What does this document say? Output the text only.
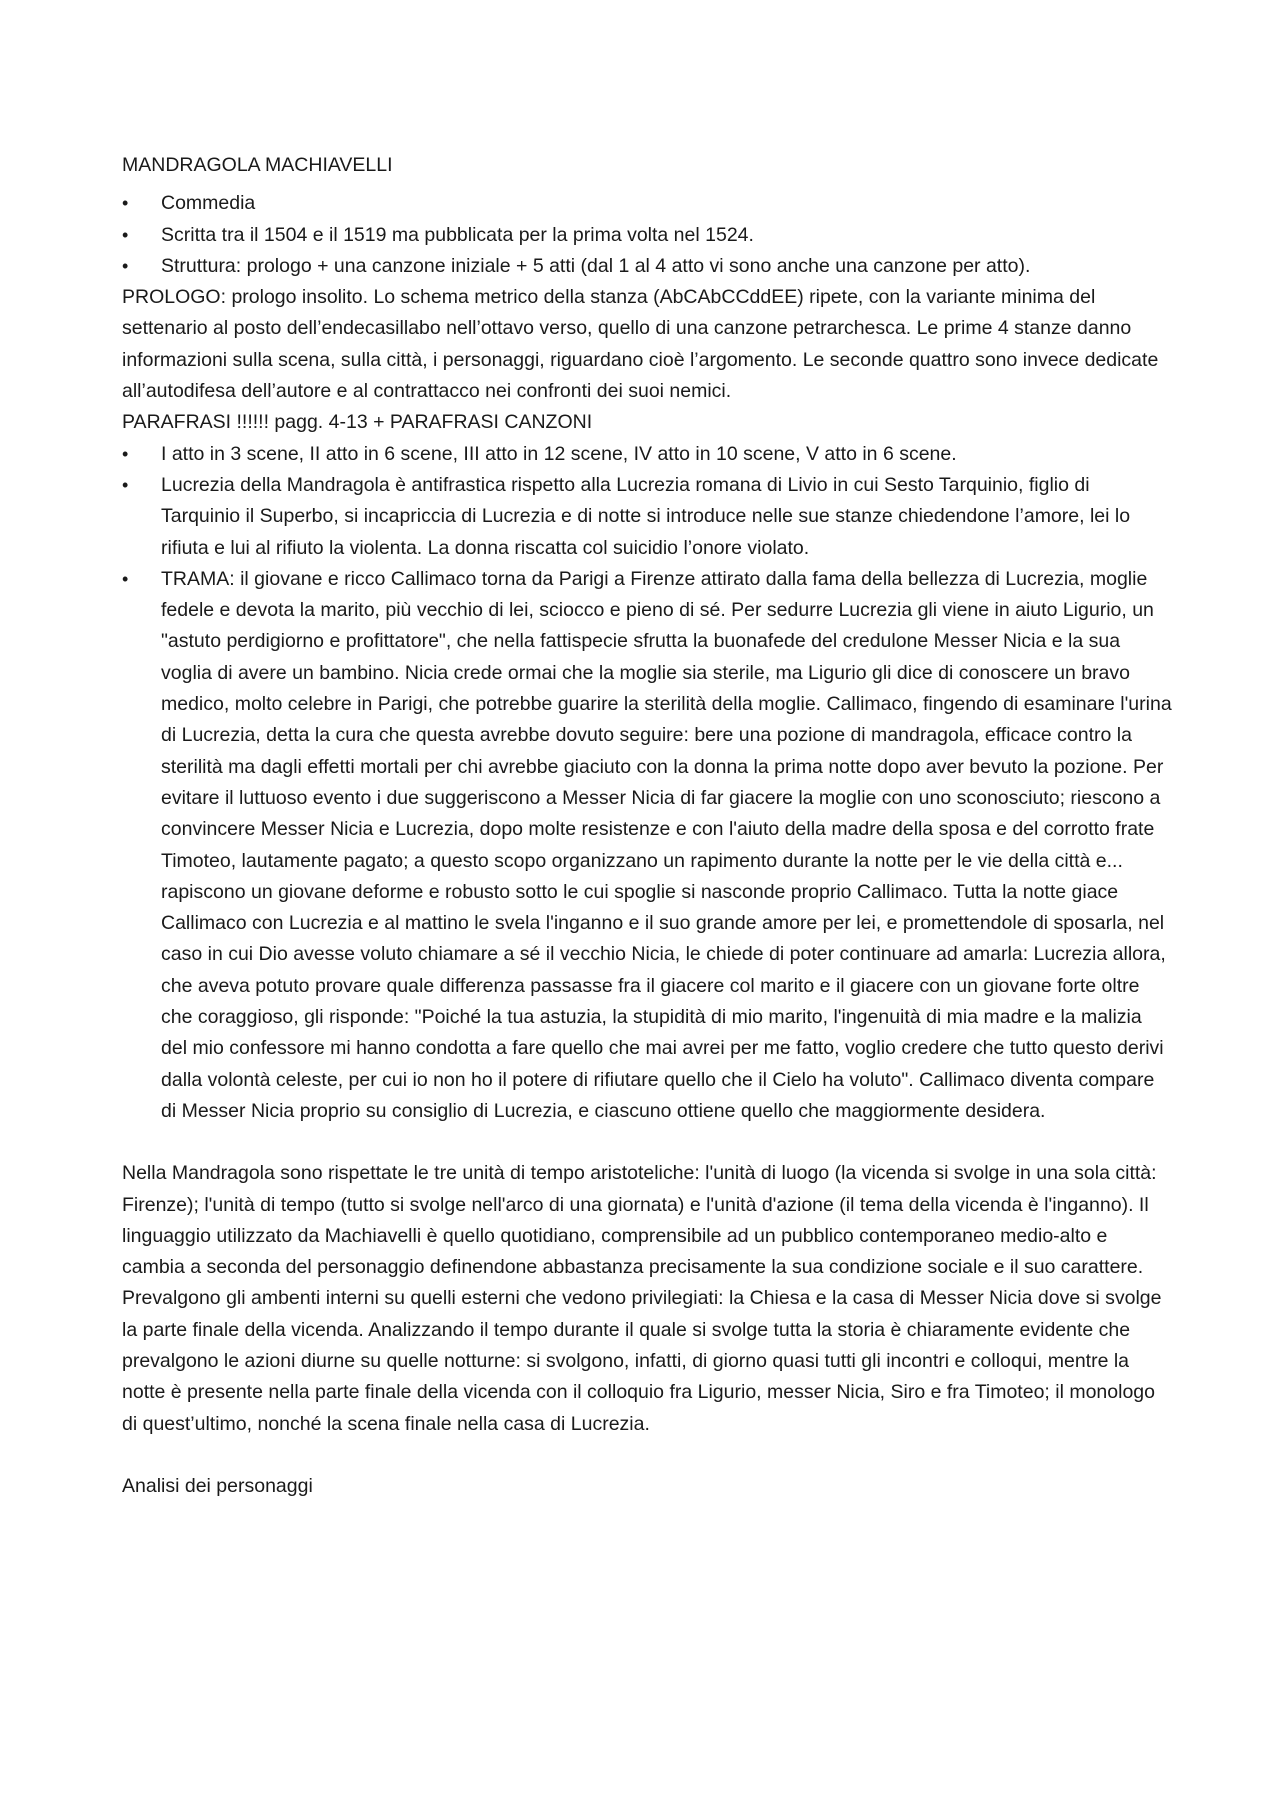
MANDRAGOLA MACHIAVELLI

•	Commedia
•	Scritta tra il 1504 e il 1519 ma pubblicata per la prima volta nel 1524.
•	Struttura: prologo + una canzone iniziale + 5 atti (dal 1 al 4 atto vi sono anche una canzone per atto).

PROLOGO: prologo insolito. Lo schema metrico della stanza (AbCAbCCddEE) ripete, con la variante minima del settenario al posto dell’endecasillabo nell’ottavo verso, quello di una canzone petrarchesca. Le prime 4 stanze danno informazioni sulla scena, sulla città, i personaggi, riguardano cioè l’argomento. Le seconde quattro sono invece dedicate all’autodifesa dell’autore e al contrattacco nei confronti dei suoi nemici.

PARAFRASI !!!!!! pagg. 4-13 + PARAFRASI CANZONI

•	I atto in 3 scene, II atto in 6 scene, III atto in 12 scene, IV atto in 10 scene, V atto in 6 scene.
•	Lucrezia della Mandragola è antifrastica rispetto alla Lucrezia romana di Livio in cui Sesto Tarquinio, figlio di Tarquinio il Superbo, si incapriccia di Lucrezia e di notte si introduce nelle sue stanze chiedendone l’amore, lei lo rifiuta e lui al rifiuto la violenta. La donna riscatta col suicidio l’onore violato.
•	TRAMA: il giovane e ricco Callimaco torna da Parigi a Firenze attirato dalla fama della bellezza di Lucrezia, moglie fedele e devota la marito, più vecchio di lei, sciocco e pieno di sé. Per sedurre Lucrezia gli viene in aiuto Ligurio, un "astuto perdigiorno e profittatore", che nella fattispecie sfrutta la buonafede del credulone Messer Nicia e la sua voglia di avere un bambino. Nicia crede ormai che la moglie sia sterile, ma Ligurio gli dice di conoscere un bravo medico, molto celebre in Parigi, che potrebbe guarire la sterilità della moglie. Callimaco, fingendo di esaminare l'urina di Lucrezia, detta la cura che questa avrebbe dovuto seguire: bere una pozione di mandragola, efficace contro la sterilità ma dagli effetti mortali per chi avrebbe giaciuto con la donna la prima notte dopo aver bevuto la pozione. Per evitare il luttuoso evento i due suggeriscono a Messer Nicia di far giacere la moglie con uno sconosciuto; riescono a convincere Messer Nicia e Lucrezia, dopo molte resistenze e con l'aiuto della madre della sposa e del corrotto frate Timoteo, lautamente pagato; a questo scopo organizzano un rapimento durante la notte per le vie della città e... rapiscono un giovane deforme e robusto sotto le cui spoglie si nasconde proprio Callimaco. Tutta la notte giace Callimaco con Lucrezia e al mattino le svela l'inganno e il suo grande amore per lei, e promettendole di sposarla, nel caso in cui Dio avesse voluto chiamare a sé il vecchio Nicia, le chiede di poter continuare ad amarla: Lucrezia allora, che aveva potuto provare quale differenza passasse fra il giacere col marito e il giacere con un giovane forte oltre che coraggioso, gli risponde: "Poiché la tua astuzia, la stupidità di mio marito, l'ingenuità di mia madre e la malizia del mio confessore mi hanno condotta a fare quello che mai avrei per me fatto, voglio credere che tutto questo derivi dalla volontà celeste, per cui io non ho il potere di rifiutare quello che il Cielo ha voluto". Callimaco diventa compare di Messer Nicia proprio su consiglio di Lucrezia, e ciascuno ottiene quello che maggiormente desidera.

Nella Mandragola sono rispettate le tre unità di tempo aristoteliche: l'unità di luogo (la vicenda si svolge in una sola città: Firenze); l'unità di tempo (tutto si svolge nell'arco di una giornata) e l'unità d'azione (il tema della vicenda è l'inganno). Il linguaggio utilizzato da Machiavelli è quello quotidiano, comprensibile ad un pubblico contemporaneo medio-alto e cambia a seconda del personaggio definendone abbastanza precisamente la sua condizione sociale e il suo carattere. Prevalgono gli ambenti interni su quelli esterni che vedono privilegiati: la Chiesa e la casa di Messer Nicia dove si svolge la parte finale della vicenda. Analizzando il tempo durante il quale si svolge tutta la storia è chiaramente evidente che prevalgono le azioni diurne su quelle notturne: si svolgono, infatti, di giorno quasi tutti gli incontri e colloqui, mentre la notte è presente nella parte finale della vicenda con il colloquio fra Ligurio, messer Nicia, Siro e fra Timoteo; il monologo di quest’ultimo, nonché la scena finale nella casa di Lucrezia.

Analisi dei personaggi
